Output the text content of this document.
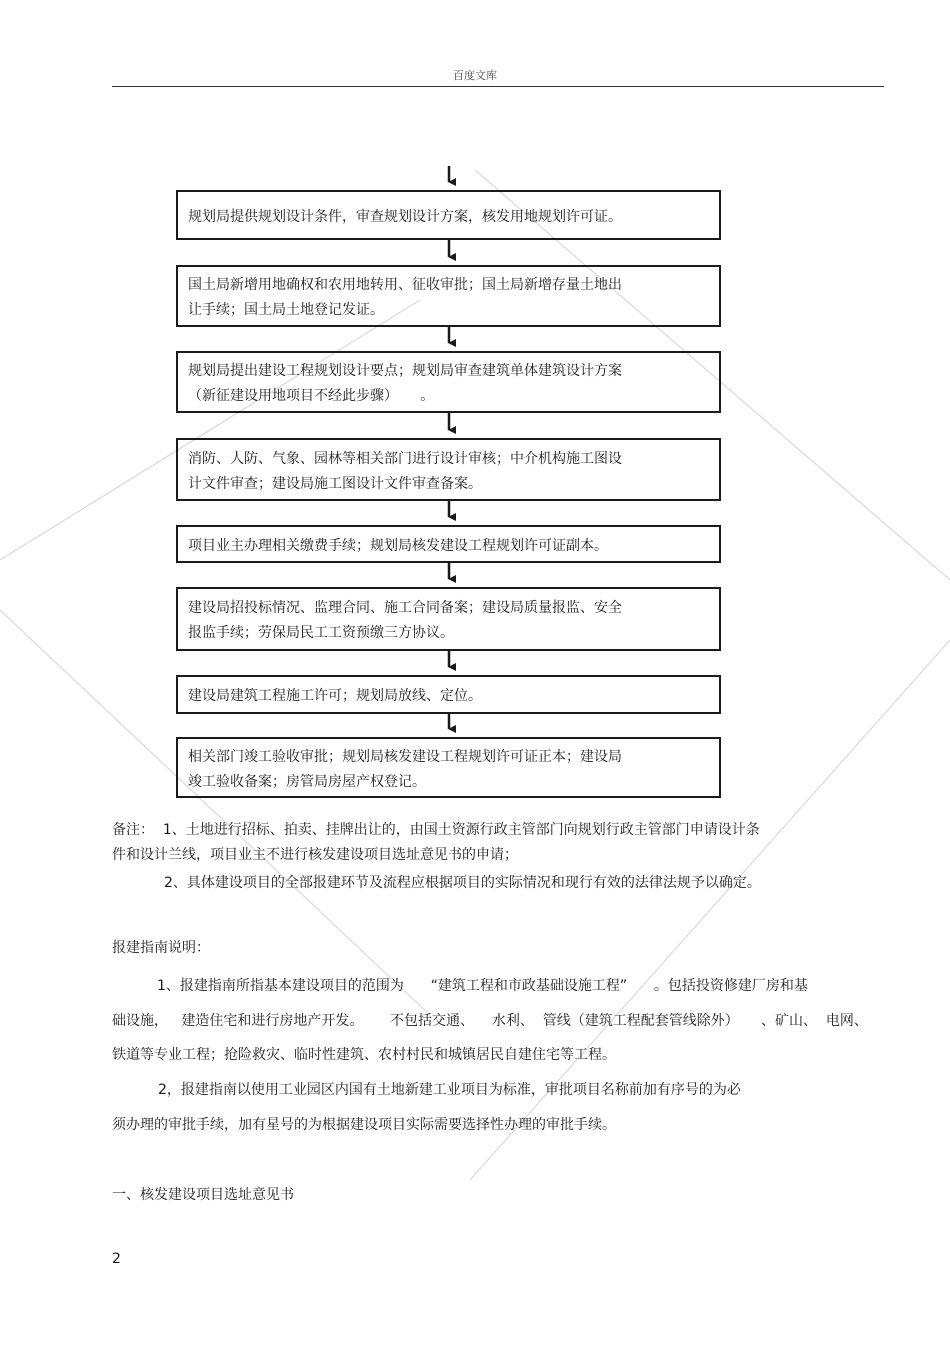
百度文库
规划局提供规划设计条件，审查规划设计方案，核发用地规划许可证。
国土局新增用地确权和农用地转用、征收审批；国土局新增存量土地出
让手续；国土局土地登记发证。
规划局提出建设工程规划设计要点；规划局审查建筑单体建筑设计方案
（新征建设用地项目不经此步骤）     。
消防、人防、气象、园林等相关部门进行设计审核；中介机构施工图设
计文件审查；建设局施工图设计文件审查备案。
项目业主办理相关缴费手续；规划局核发建设工程规划许可证副本。
建设局招投标情况、监理合同、施工合同备案；建设局质量报监、安全
报监手续；劳保局民工工资预缴三方协议。
建设局建筑工程施工许可；规划局放线、定位。
相关部门竣工验收审批；规划局核发建设工程规划许可证正本；建设局
竣工验收备案；房管局房屋产权登记。
备注：  1、土地进行招标、拍卖、挂牌出让的，由国土资源行政主管部门向规划行政主管部门申请设计条
件和设计兰线，项目业主不进行核发建设项目选址意见书的申请；
2、具体建设项目的全部报建环节及流程应根据项目的实际情况和现行有效的法律法规予以确定。
报建指南说明：
1、报建指南所指基本建设项目的范围为      “建筑工程和市政基础设施工程”      。包括投资修建厂房和基
础设施，   建造住宅和进行房地产开发。      不包括交通、    水利、  管线（建筑工程配套管线除外）     、矿山、  电网、
铁道等专业工程；抢险救灾、临时性建筑、农村村民和城镇居民自建住宅等工程。
2，报建指南以使用工业园区内国有土地新建工业项目为标准，审批项目名称前加有序号的为必
须办理的审批手续，加有星号的为根据建设项目实际需要选择性办理的审批手续。
一、核发建设项目选址意见书
2
